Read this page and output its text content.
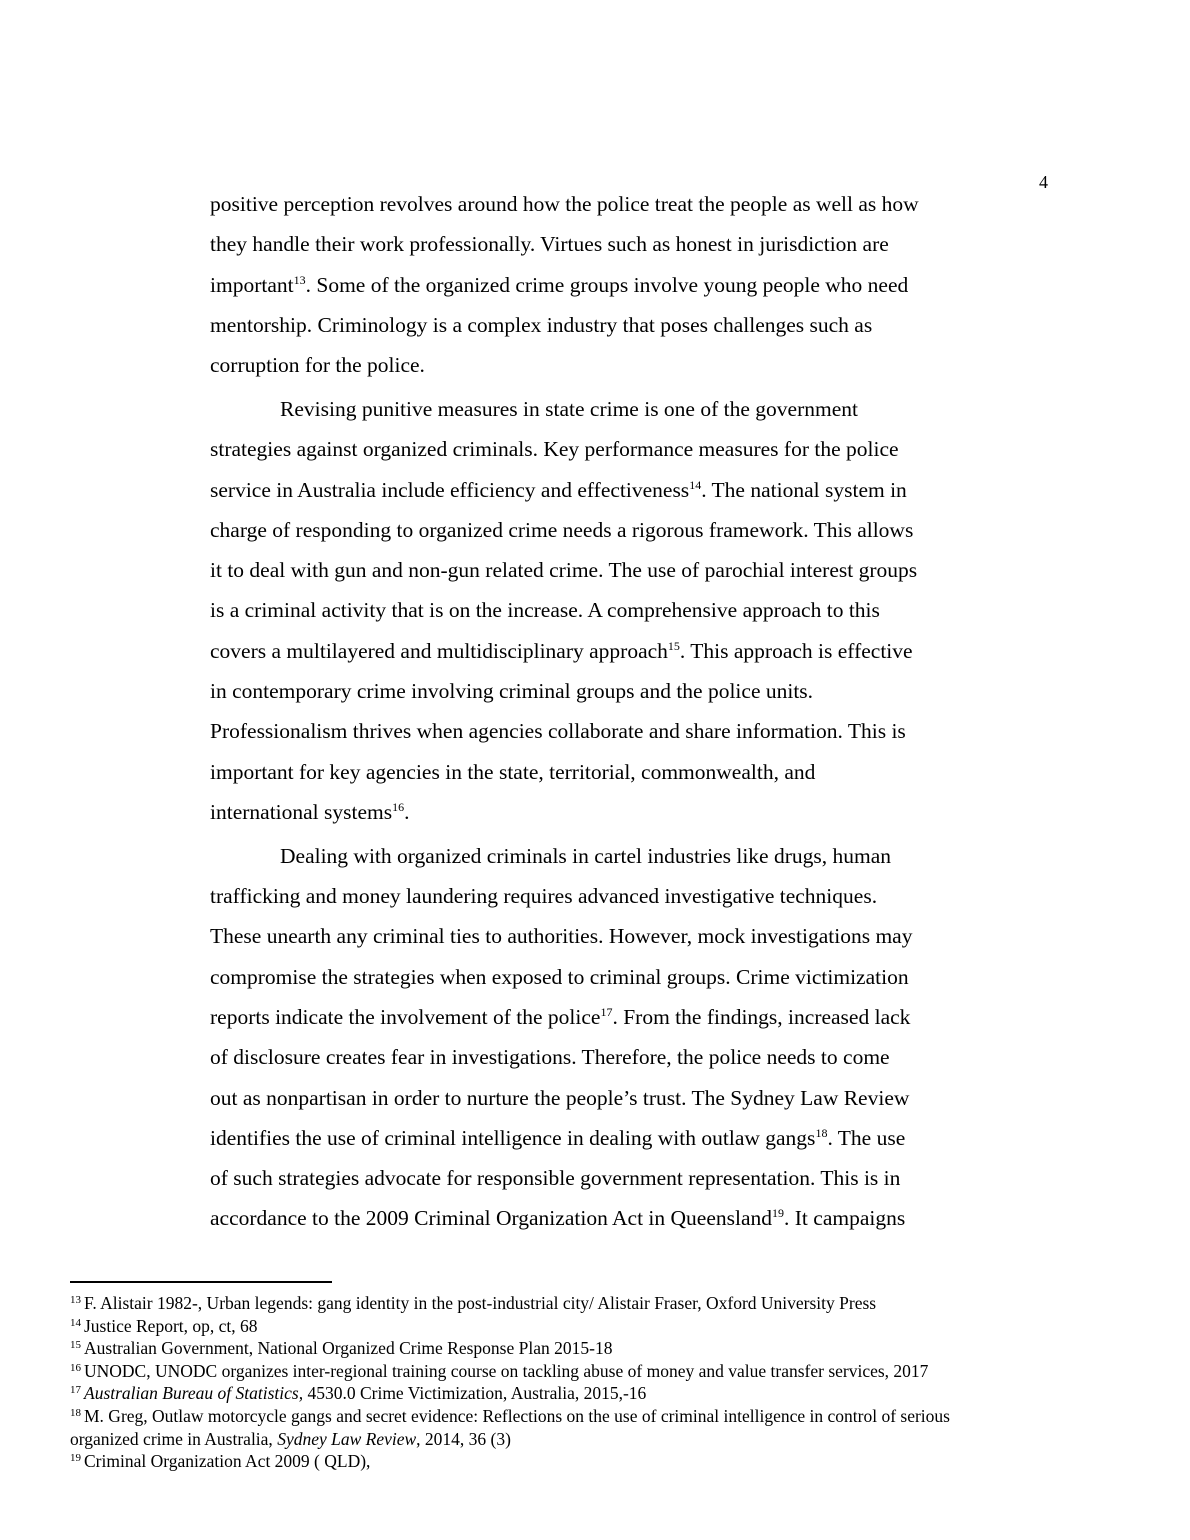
4
positive perception revolves around how the police treat the people as well as how
they handle their work professionally. Virtues such as honest in jurisdiction are
important$^{13}$. Some of the organized crime groups involve young people who need
mentorship. Criminology is a complex industry that poses challenges such as
corruption for the police.
Revising punitive measures in state crime is one of the government
strategies against organized criminals. Key performance measures for the police
service in Australia include efficiency and effectiveness$^{14}$. The national system in
charge of responding to organized crime needs a rigorous framework. This allows
it to deal with gun and non-gun related crime. The use of parochial interest groups
is a criminal activity that is on the increase. A comprehensive approach to this
covers a multilayered and multidisciplinary approach$^{15}$. This approach is effective
in contemporary crime involving criminal groups and the police units.
Professionalism thrives when agencies collaborate and share information. This is
important for key agencies in the state, territorial, commonwealth, and
international systems$^{16}$.
Dealing with organized criminals in cartel industries like drugs, human
trafficking and money laundering requires advanced investigative techniques.
These unearth any criminal ties to authorities. However, mock investigations may
compromise the strategies when exposed to criminal groups. Crime victimization
reports indicate the involvement of the police$^{17}$. From the findings, increased lack
of disclosure creates fear in investigations. Therefore, the police needs to come
out as nonpartisan in order to nurture the people’s trust. The Sydney Law Review
identifies the use of criminal intelligence in dealing with outlaw gangs$^{18}$. The use
of such strategies advocate for responsible government representation. This is in
accordance to the 2009 Criminal Organization Act in Queensland$^{19}$. It campaigns
$^{13}$ F. Alistair 1982-, Urban legends: gang identity in the post-industrial city/ Alistair Fraser, Oxford University Press
$^{14}$ Justice Report, op, ct, 68
$^{15}$ Australian Government, National Organized Crime Response Plan 2015-18
$^{16}$ UNODC, UNODC organizes inter-regional training course on tackling abuse of money and value transfer services, 2017
$^{17}$ Australian Bureau of Statistics, 4530.0 Crime Victimization, Australia, 2015,-16
$^{18}$ M. Greg, Outlaw motorcycle gangs and secret evidence: Reflections on the use of criminal intelligence in control of serious
organized crime in Australia, Sydney Law Review, 2014, 36 (3)
$^{19}$ Criminal Organization Act 2009 ( QLD),
